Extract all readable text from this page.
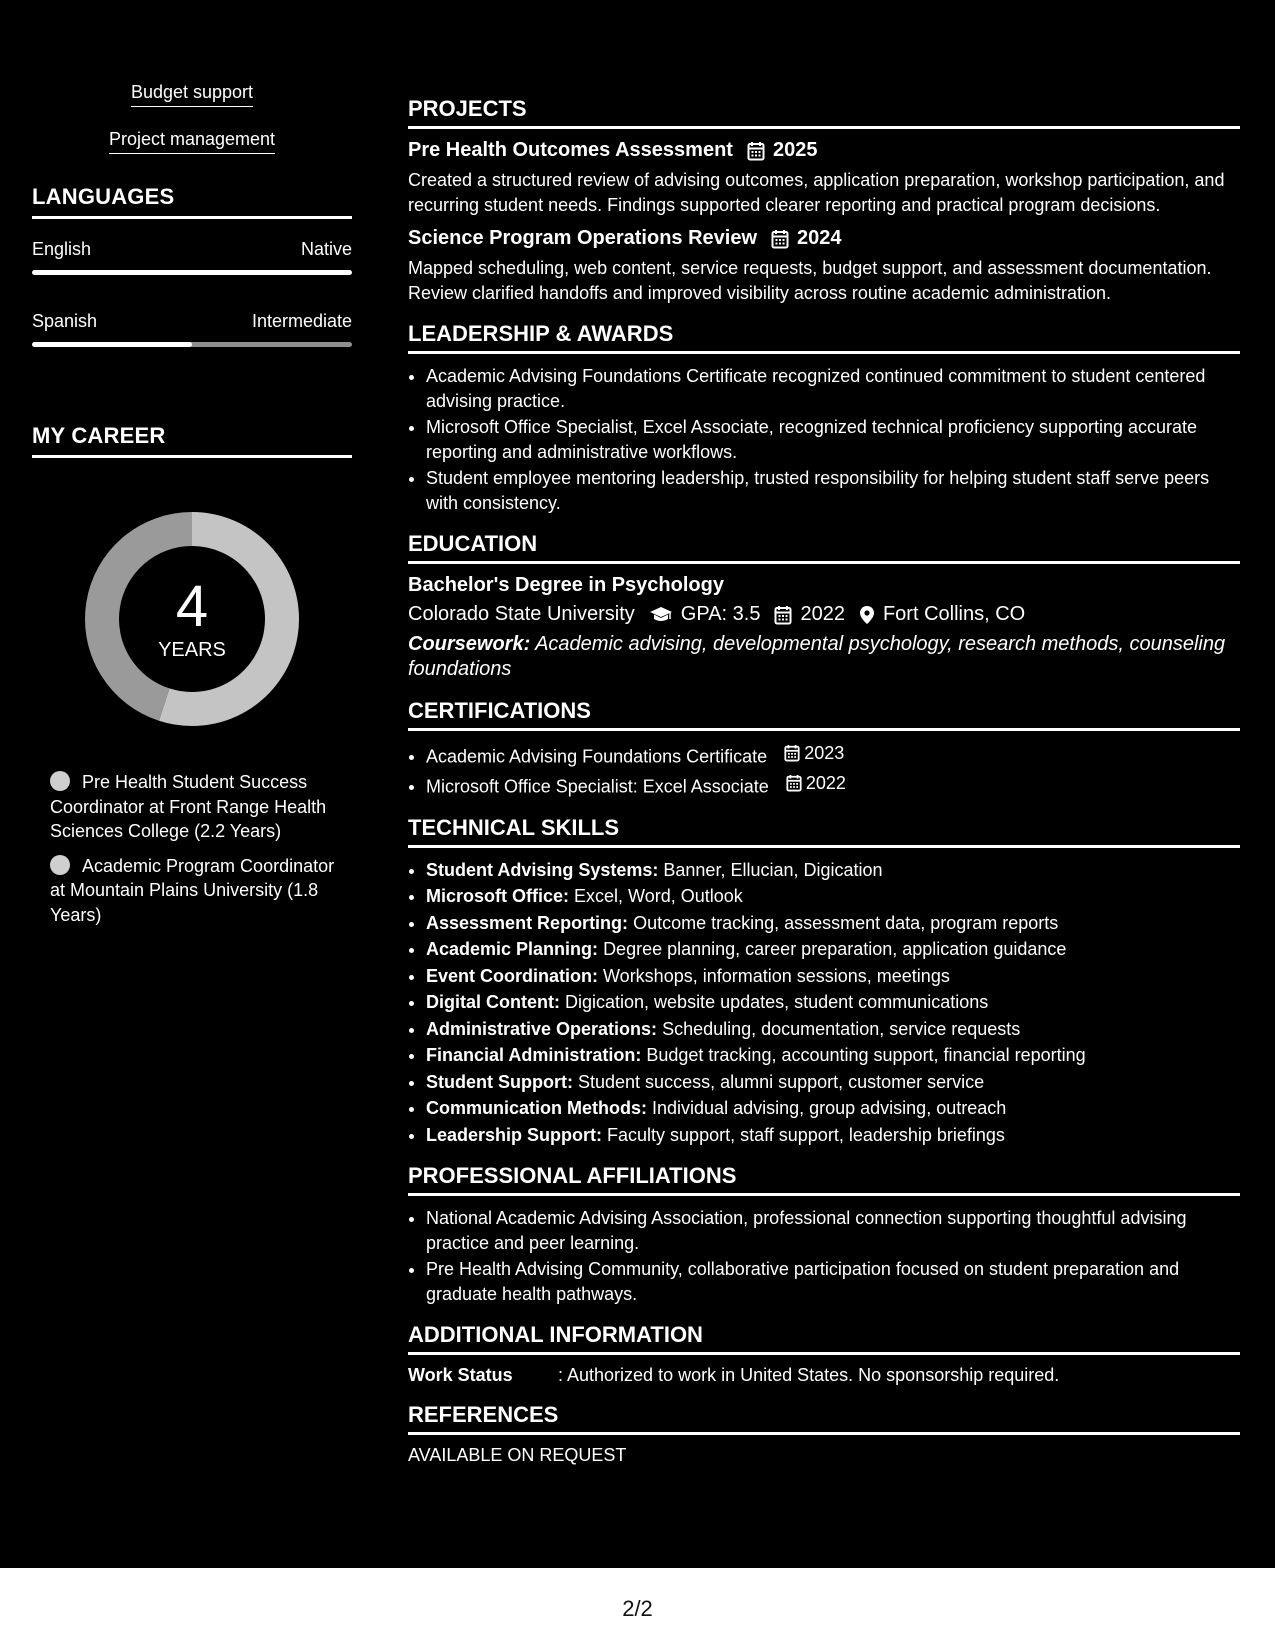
Budget support
Project management
LANGUAGES
English	Native
Spanish	Intermediate
MY CAREER
4
YEARS
Pre Health Student Success Coordinator at Front Range Health Sciences College (2.2 Years)
Academic Program Coordinator at Mountain Plains University (1.8 Years)
PROJECTS
Pre Health Outcomes Assessment 2025
Created a structured review of advising outcomes, application preparation, workshop participation, and recurring student needs. Findings supported clearer reporting and practical program decisions.
Science Program Operations Review 2024
Mapped scheduling, web content, service requests, budget support, and assessment documentation. Review clarified handoffs and improved visibility across routine academic administration.
LEADERSHIP & AWARDS
• Academic Advising Foundations Certificate recognized continued commitment to student centered advising practice.
• Microsoft Office Specialist, Excel Associate, recognized technical proficiency supporting accurate reporting and administrative workflows.
• Student employee mentoring leadership, trusted responsibility for helping student staff serve peers with consistency.
EDUCATION
Bachelor's Degree in Psychology
Colorado State University GPA: 3.5 2022 Fort Collins, CO
Coursework: Academic advising, developmental psychology, research methods, counseling foundations
CERTIFICATIONS
• Academic Advising Foundations Certificate 2023
• Microsoft Office Specialist: Excel Associate 2022
TECHNICAL SKILLS
• Student Advising Systems: Banner, Ellucian, Digication
• Microsoft Office: Excel, Word, Outlook
• Assessment Reporting: Outcome tracking, assessment data, program reports
• Academic Planning: Degree planning, career preparation, application guidance
• Event Coordination: Workshops, information sessions, meetings
• Digital Content: Digication, website updates, student communications
• Administrative Operations: Scheduling, documentation, service requests
• Financial Administration: Budget tracking, accounting support, financial reporting
• Student Support: Student success, alumni support, customer service
• Communication Methods: Individual advising, group advising, outreach
• Leadership Support: Faculty support, staff support, leadership briefings
PROFESSIONAL AFFILIATIONS
• National Academic Advising Association, professional connection supporting thoughtful advising practice and peer learning.
• Pre Health Advising Community, collaborative participation focused on student preparation and graduate health pathways.
ADDITIONAL INFORMATION
Work Status	: Authorized to work in United States. No sponsorship required.
REFERENCES
AVAILABLE ON REQUEST
2/2
